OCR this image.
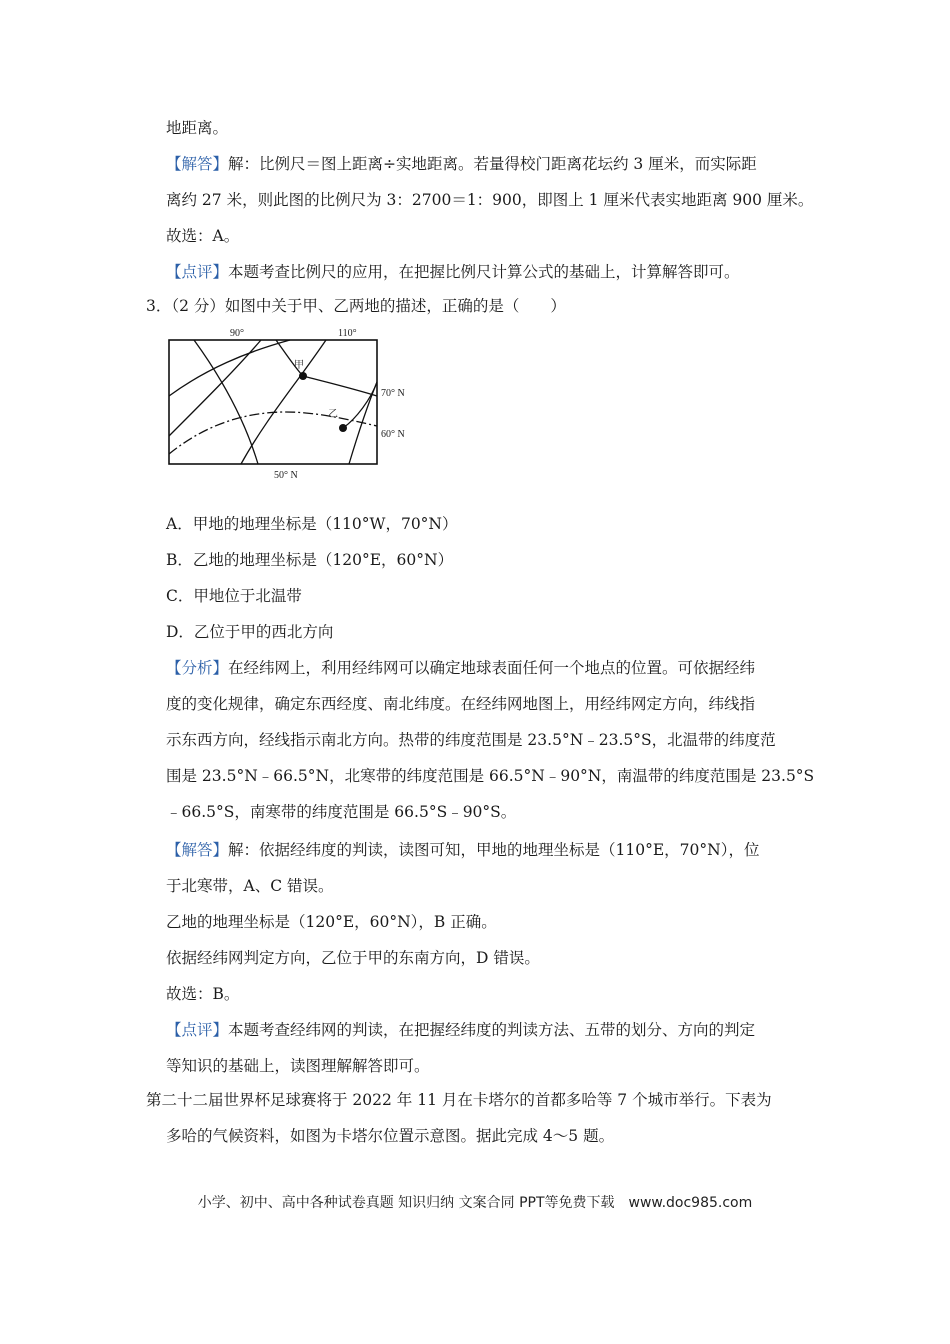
地距离。
【解答】解：比例尺＝图上距离÷实地距离。若量得校门距离花坛约 3 厘米，而实际距
离约 27 米，则此图的比例尺为 3：2700＝1：900，即图上 1 厘米代表实地距离 900 厘米。
故选：A。
【点评】本题考查比例尺的应用，在把握比例尺计算公式的基础上，计算解答即可。
3．（2 分）如图中关于甲、乙两地的描述，正确的是（　　）
甲
乙
90°	110°
70° N
60° N
50° N
A．甲地的地理坐标是（110°W，70°N）
B．乙地的地理坐标是（120°E，60°N）
C．甲地位于北温带
D．乙位于甲的西北方向
【分析】在经纬网上，利用经纬网可以确定地球表面任何一个地点的位置。可依据经纬
度的变化规律，确定东西经度、南北纬度。在经纬网地图上，用经纬网定方向，纬线指
示东西方向，经线指示南北方向。热带的纬度范围是 23.5°N﹣23.5°S，北温带的纬度范
围是 23.5°N﹣66.5°N，北寒带的纬度范围是 66.5°N﹣90°N，南温带的纬度范围是 23.5°S
﹣66.5°S，南寒带的纬度范围是 66.5°S﹣90°S。
【解答】解：依据经纬度的判读，读图可知，甲地的地理坐标是（110°E，70°N），位
于北寒带，A、C 错误。
乙地的地理坐标是（120°E，60°N），B 正确。
依据经纬网判定方向，乙位于甲的东南方向，D 错误。
故选：B。
【点评】本题考查经纬网的判读，在把握经纬度的判读方法、五带的划分、方向的判定
等知识的基础上，读图理解解答即可。
第二十二届世界杯足球赛将于 2022 年 11 月在卡塔尔的首都多哈等 7 个城市举行。下表为
多哈的气候资料，如图为卡塔尔位置示意图。据此完成 4～5 题。
小学、初中、高中各种试卷真题 知识归纳 文案合同 PPT等免费下载　www.doc985.com
